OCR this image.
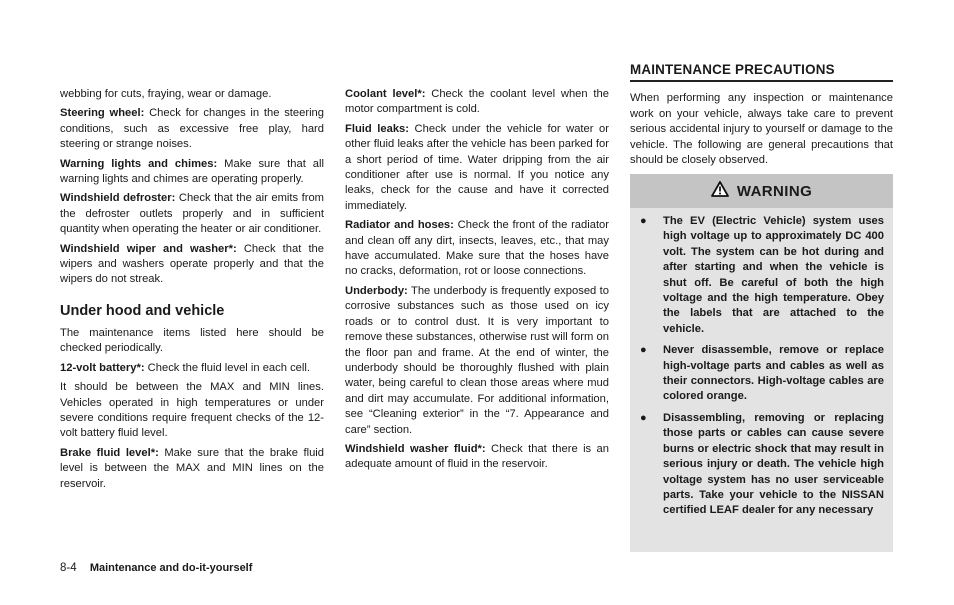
webbing for cuts, fraying, wear or damage.

Steering wheel: Check for changes in the steering conditions, such as excessive free play, hard steering or strange noises.

Warning lights and chimes: Make sure that all warning lights and chimes are operating properly.

Windshield defroster: Check that the air emits from the defroster outlets properly and in sufficient quantity when operating the heater or air conditioner.

Windshield wiper and washer*: Check that the wipers and washers operate properly and that the wipers do not streak.

Under hood and vehicle

The maintenance items listed here should be checked periodically.

12-volt battery*: Check the fluid level in each cell.

It should be between the MAX and MIN lines. Vehicles operated in high temperatures or under severe conditions require frequent checks of the 12-volt battery fluid level.

Brake fluid level*: Make sure that the brake fluid level is between the MAX and MIN lines on the reservoir.

Coolant level*: Check the coolant level when the motor compartment is cold.

Fluid leaks: Check under the vehicle for water or other fluid leaks after the vehicle has been parked for a short period of time. Water dripping from the air conditioner after use is normal. If you notice any leaks, check for the cause and have it corrected immediately.

Radiator and hoses: Check the front of the radiator and clean off any dirt, insects, leaves, etc., that may have accumulated. Make sure that the hoses have no cracks, deformation, rot or loose connections.

Underbody: The underbody is frequently exposed to corrosive substances such as those used on icy roads or to control dust. It is very important to remove these substances, otherwise rust will form on the floor pan and frame. At the end of winter, the underbody should be thoroughly flushed with plain water, being careful to clean those areas where mud and dirt may accumulate. For additional information, see “Cleaning exterior” in the “7. Appearance and care” section.

Windshield washer fluid*: Check that there is an adequate amount of fluid in the reservoir.

MAINTENANCE PRECAUTIONS

When performing any inspection or maintenance work on your vehicle, always take care to prevent serious accidental injury to yourself or damage to the vehicle. The following are general precautions that should be closely observed.

WARNING
●	The EV (Electric Vehicle) system uses high voltage up to approximately DC 400 volt. The system can be hot during and after starting and when the vehicle is shut off. Be careful of both the high voltage and the high temperature. Obey the labels that are attached to the vehicle.
●	Never disassemble, remove or replace high-voltage parts and cables as well as their connectors. High-voltage cables are colored orange.
●	Disassembling, removing or replacing those parts or cables can cause severe burns or electric shock that may result in serious injury or death. The vehicle high voltage system has no user serviceable parts. Take your vehicle to the NISSAN certified LEAF dealer for any necessary
8-4 Maintenance and do-it-yourself
